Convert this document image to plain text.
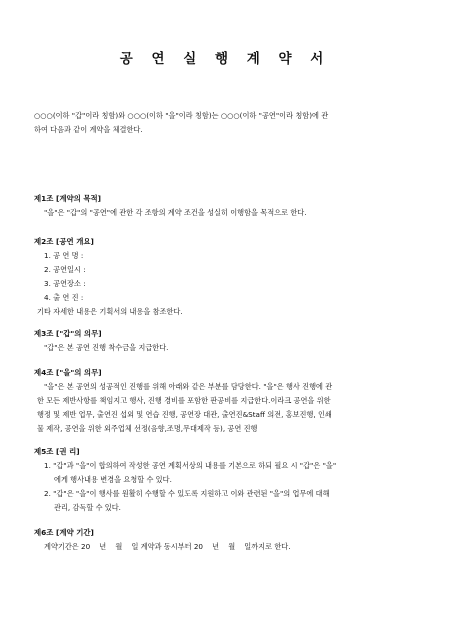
공 연 실 행 계 약 서
○○○(이하 "갑"이라 칭함)와 ○○○(이하 "을"이라 칭함)는 ○○○(이하 "공연"이라 칭함)에 관
하여 다음과 같이 계약을 체결한다.
제1조 [계약의 목적]
"을"은 "갑"의 "공연"에 관한 각 조항의 계약 조건을 성실히 이행함을 목적으로 한다.
제2조 [공연 개요]
1. 공 연 명 :
2. 공연일시 :
3. 공연장소 :
4. 출 연 진 :
기타 자세한 내용은 기획서의 내용을 참조한다.
제3조 ["갑"의 의무]
"갑"은 본 공연 진행 착수금을 지급한다.
제4조 ["을"의 의무]
"을"은 본 공연의 성공적인 진행를 위해 아래와 같은 부분를 담당한다. "을"은 행사 진행에 관
한 모든 제반사항를 책임지고 행사, 진행 경비를 포함한 판공비를 지급한다.이라크 공연을 위한
행정 및 제반 업무, 출연진 섭외 및 연습 진행, 공연장 대관, 출연진&Staff 의전, 홍보진행, 인쇄
물 제작, 공연을 위한 외주업체 선정(음향,조명,무대제작 등), 공연 진행
제5조 [권 리]
1. "갑"과 "을"이 합의하여 작성한 공연 계획서상의 내용를 기본으로 하되 필요 시 "갑"은 "을"
에게 행사내용 변경을 요청할 수 있다.
2. "갑"은 "을"이 행사를 원활히 수행할 수 있도록 지원하고 이와 관련된 "을"의 업무에 대해
관리, 감독할 수 있다.
제6조 [계약 기간]
계약기간은 20    년    월    일 계약과 동시부터 20    년    월    일까지로 한다.
